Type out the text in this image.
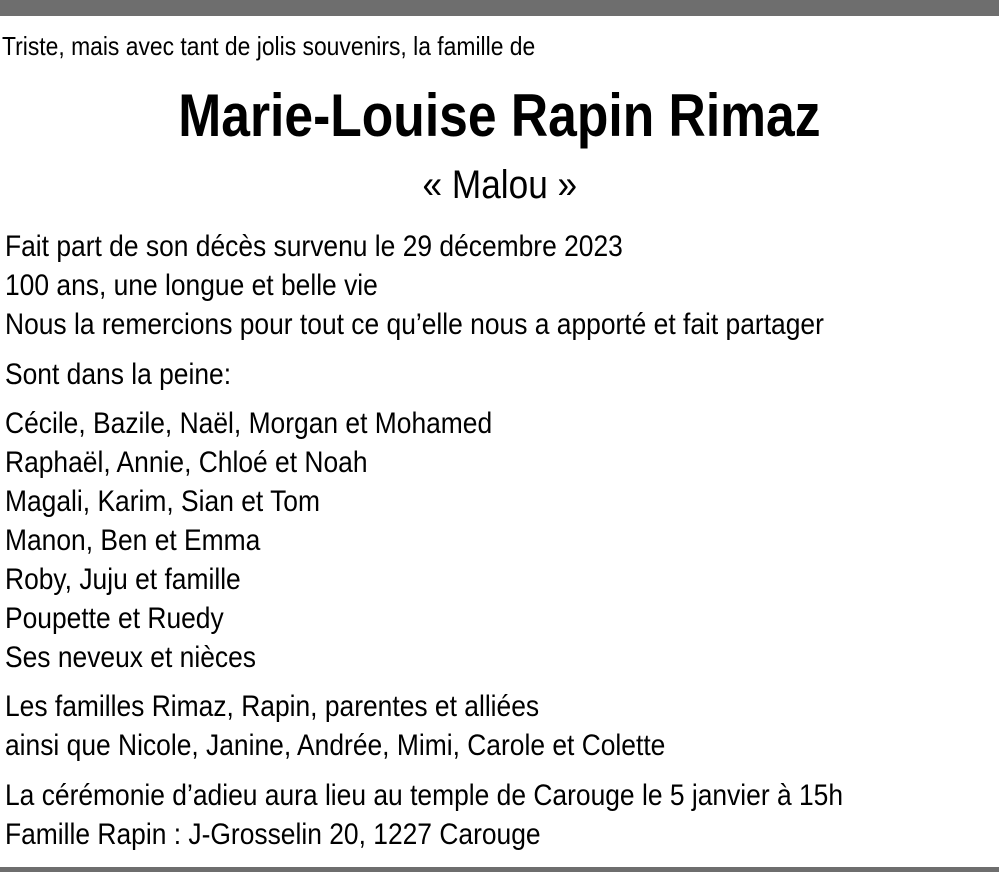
Triste, mais avec tant de jolis souvenirs, la famille de
Marie-Louise Rapin Rimaz
« Malou »
Fait part de son décès survenu le 29 décembre 2023
100 ans, une longue et belle vie
Nous la remercions pour tout ce qu’elle nous a apporté et fait partager
Sont dans la peine:
Cécile, Bazile, Naël, Morgan et Mohamed
Raphaël, Annie, Chloé et Noah
Magali, Karim, Sian et Tom
Manon, Ben et Emma
Roby, Juju et famille
Poupette et Ruedy
Ses neveux et nièces
Les familles Rimaz, Rapin, parentes et alliées
ainsi que Nicole, Janine, Andrée, Mimi, Carole et Colette
La cérémonie d’adieu aura lieu au temple de Carouge le 5 janvier à 15h
Famille Rapin : J-Grosselin 20, 1227 Carouge
